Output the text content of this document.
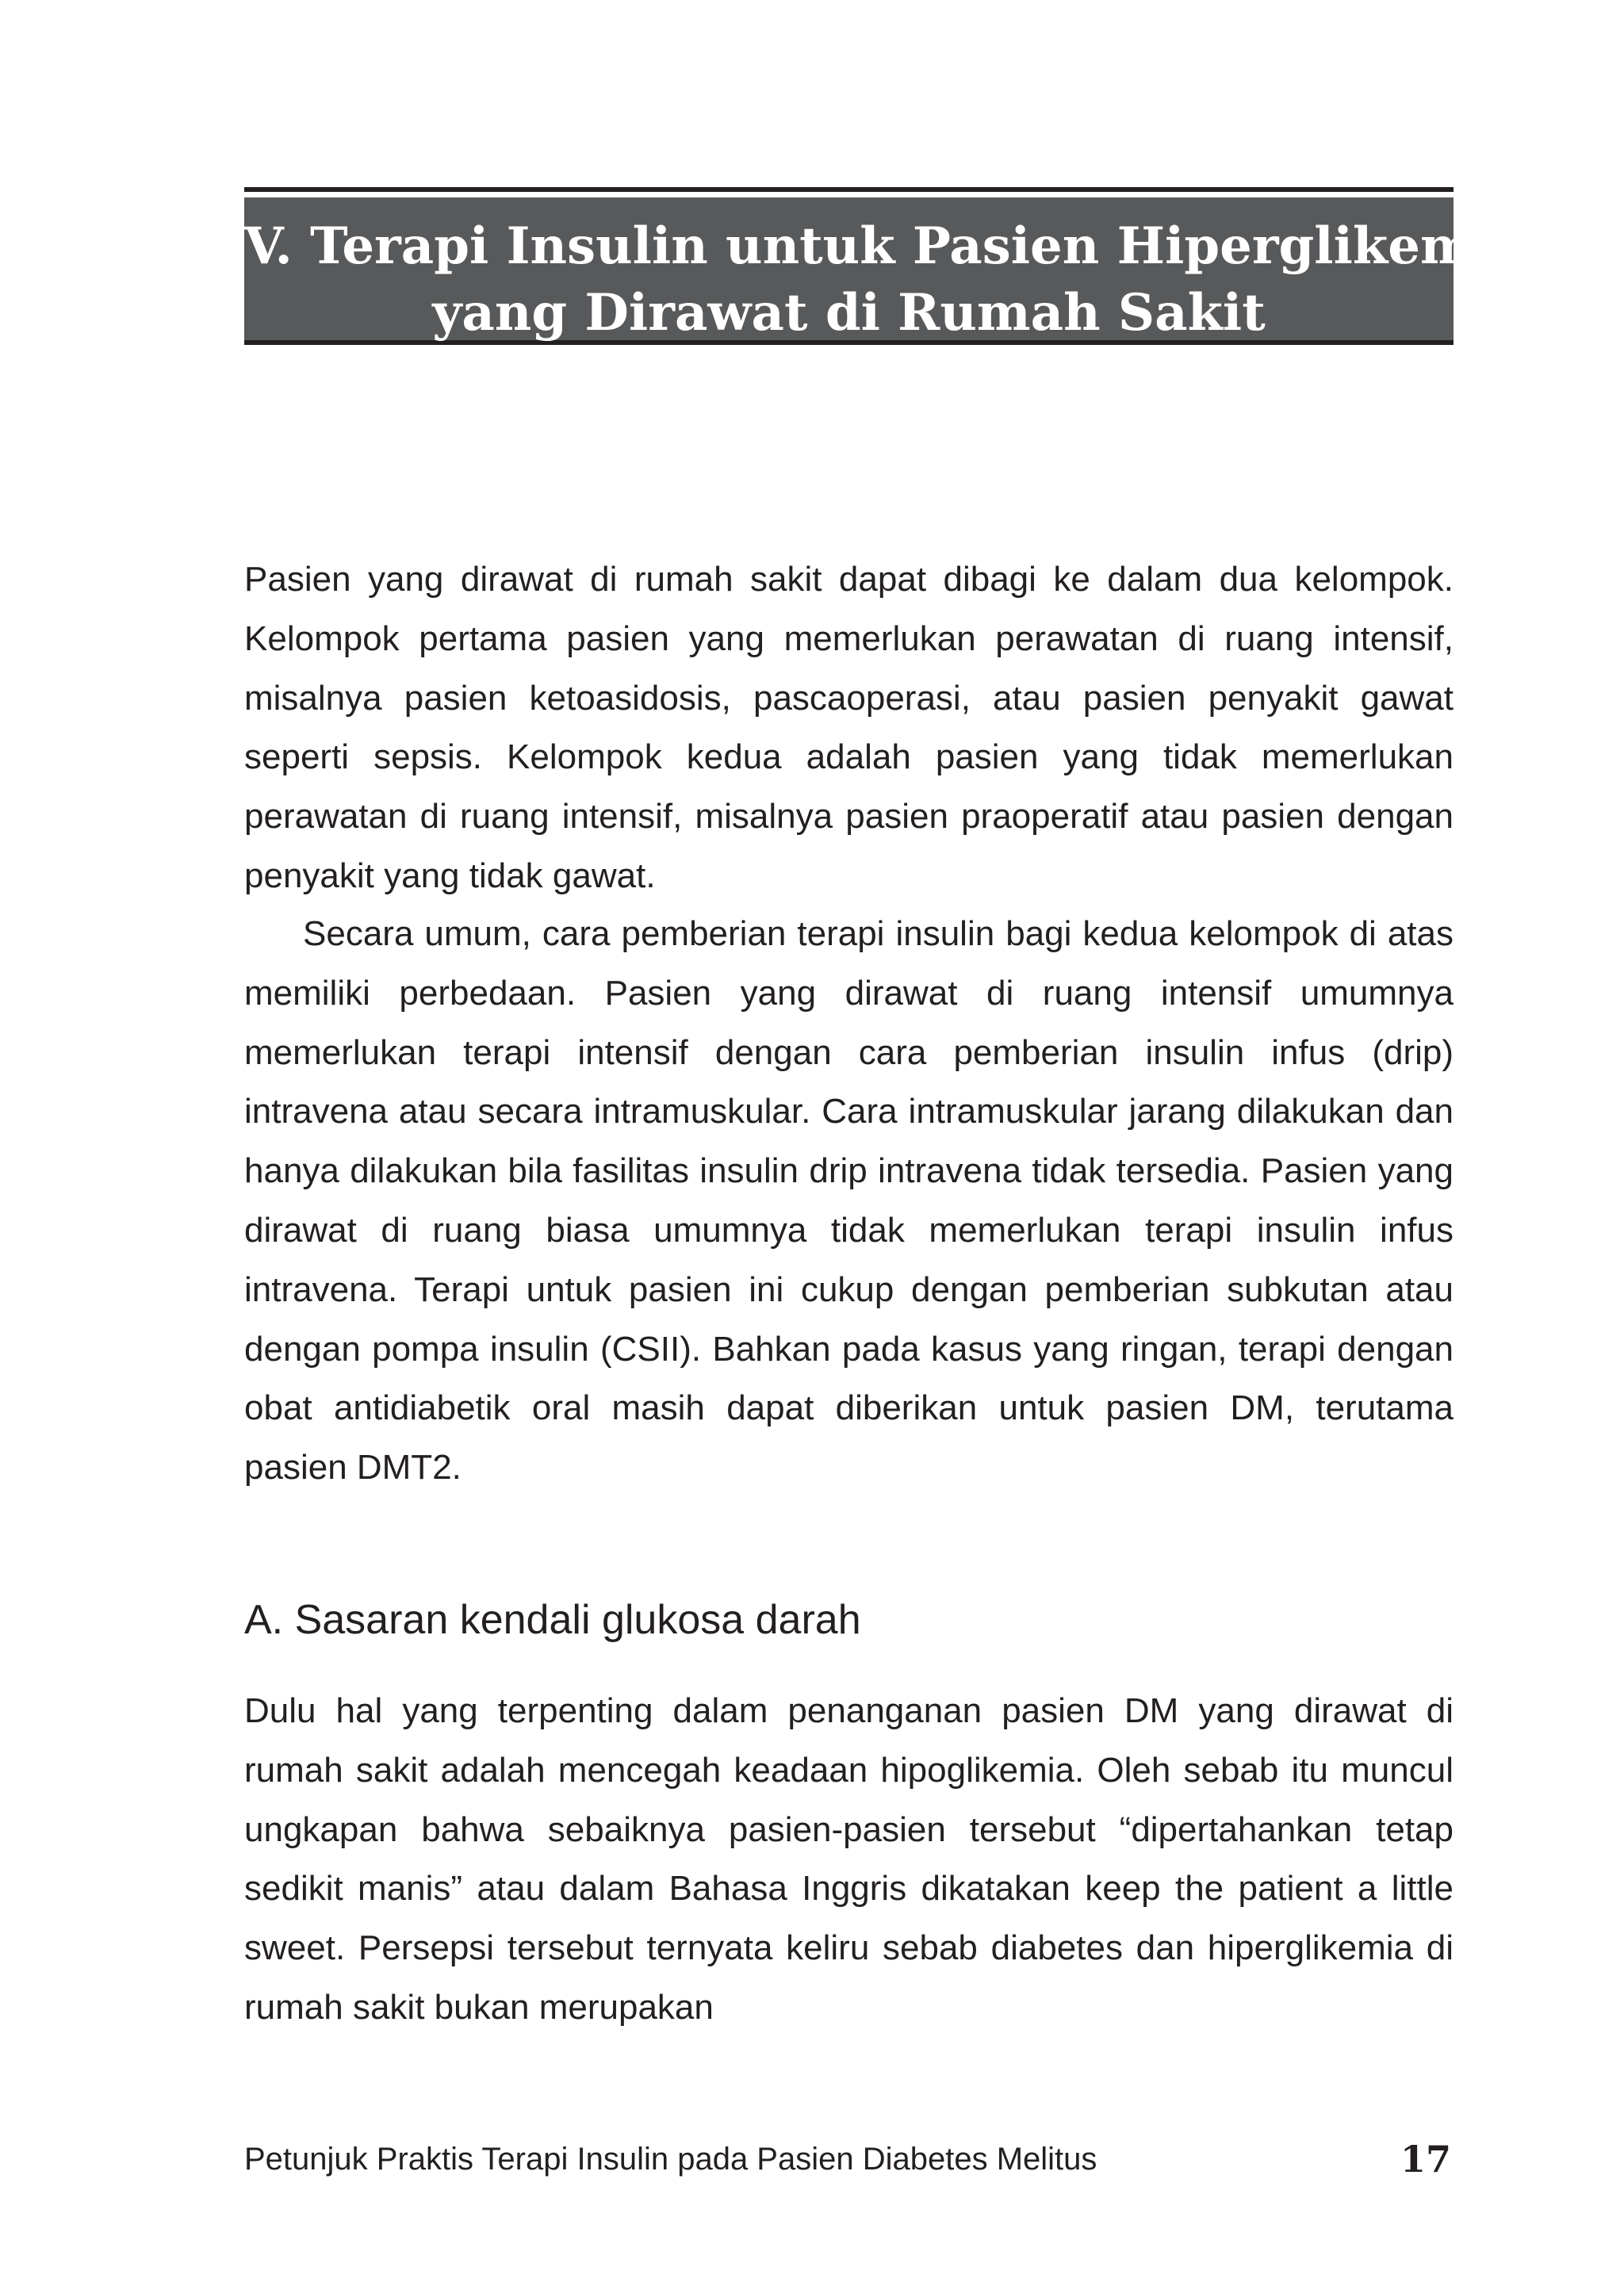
V. Terapi Insulin untuk Pasien Hiperglikemia
yang Dirawat di Rumah Sakit

Pasien yang dirawat di rumah sakit dapat dibagi ke dalam dua kelompok. Kelompok pertama pasien yang memerlukan perawatan di ruang intensif, misalnya pasien ketoasidosis, pascaoperasi, atau pasien penyakit gawat seperti sepsis. Kelompok kedua adalah pasien yang tidak memerlukan perawatan di ruang intensif, misalnya pasien praoperatif atau pasien dengan penyakit yang tidak gawat.

Secara umum, cara pemberian terapi insulin bagi kedua kelompok di atas memiliki perbedaan. Pasien yang dirawat di ruang intensif umumnya memerlukan terapi intensif dengan cara pemberian insulin infus (drip) intravena atau secara intramuskular. Cara intramuskular jarang dilakukan dan hanya dilakukan bila fasilitas insulin drip intravena tidak tersedia. Pasien yang dirawat di ruang biasa umumnya tidak memerlukan terapi insulin infus intravena. Terapi untuk pasien ini cukup dengan pemberian subkutan atau dengan pompa insulin (CSII). Bahkan pada kasus yang ringan, terapi dengan obat antidiabetik oral masih dapat diberikan untuk pasien DM, terutama pasien DMT2.

A. Sasaran kendali glukosa darah

Dulu hal yang terpenting dalam penanganan pasien DM yang dirawat di rumah sakit adalah mencegah keadaan hipoglikemia. Oleh sebab itu muncul ungkapan bahwa sebaiknya pasien-pasien tersebut “dipertahankan tetap sedikit manis” atau dalam Bahasa Inggris dikatakan keep the patient a little sweet. Persepsi tersebut ternyata keliru sebab diabetes dan hiperglikemia di rumah sakit bukan merupakan

Petunjuk Praktis Terapi Insulin pada Pasien Diabetes Melitus	17
